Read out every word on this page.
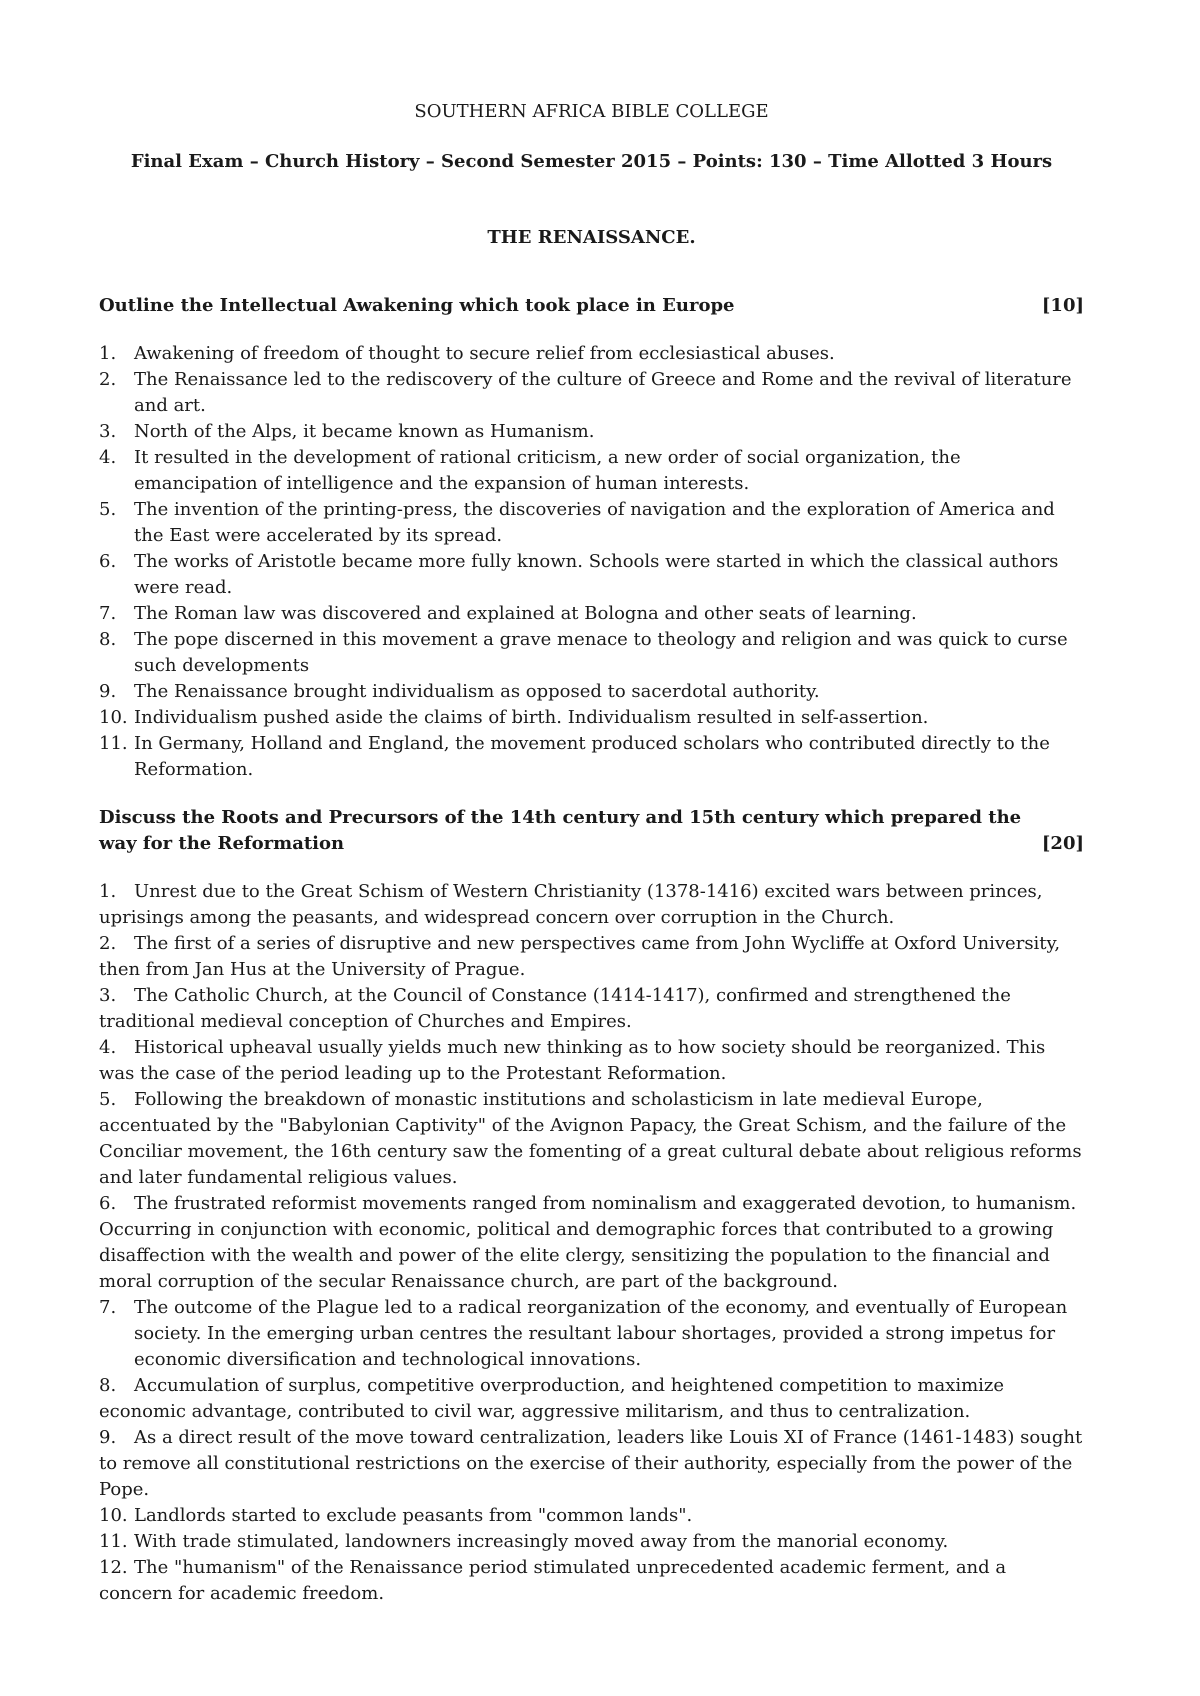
SOUTHERN AFRICA BIBLE COLLEGE
Final Exam – Church History – Second Semester 2015 – Points: 130 – Time Allotted 3 Hours
THE RENAISSANCE.
Outline the Intellectual Awakening which took place in Europe	[10]
1. Awakening of freedom of thought to secure relief from ecclesiastical abuses.
2. The Renaissance led to the rediscovery of the culture of Greece and Rome and the revival of literature and art.
3. North of the Alps, it became known as Humanism.
4. It resulted in the development of rational criticism, a new order of social organization, the emancipation of intelligence and the expansion of human interests.
5. The invention of the printing-press, the discoveries of navigation and the exploration of America and the East were accelerated by its spread.
6. The works of Aristotle became more fully known. Schools were started in which the classical authors were read.
7. The Roman law was discovered and explained at Bologna and other seats of learning.
8. The pope discerned in this movement a grave menace to theology and religion and was quick to curse such developments
9. The Renaissance brought individualism as opposed to sacerdotal authority.
10. Individualism pushed aside the claims of birth. Individualism resulted in self-assertion.
11. In Germany, Holland and England, the movement produced scholars who contributed directly to the Reformation.
Discuss the Roots and Precursors of the 14th century and 15th century which prepared the way for the Reformation	[20]
1. Unrest due to the Great Schism of Western Christianity (1378-1416) excited wars between princes, uprisings among the peasants, and widespread concern over corruption in the Church.
2. The first of a series of disruptive and new perspectives came from John Wycliffe at Oxford University, then from Jan Hus at the University of Prague.
3. The Catholic Church, at the Council of Constance (1414-1417), confirmed and strengthened the traditional medieval conception of Churches and Empires.
4. Historical upheaval usually yields much new thinking as to how society should be reorganized. This was the case of the period leading up to the Protestant Reformation.
5. Following the breakdown of monastic institutions and scholasticism in late medieval Europe, accentuated by the "Babylonian Captivity" of the Avignon Papacy, the Great Schism, and the failure of the Conciliar movement, the 16th century saw the fomenting of a great cultural debate about religious reforms and later fundamental religious values.
6. The frustrated reformist movements ranged from nominalism and exaggerated devotion, to humanism. Occurring in conjunction with economic, political and demographic forces that contributed to a growing disaffection with the wealth and power of the elite clergy, sensitizing the population to the financial and moral corruption of the secular Renaissance church, are part of the background.
7. The outcome of the Plague led to a radical reorganization of the economy, and eventually of European society. In the emerging urban centres the resultant labour shortages, provided a strong impetus for economic diversification and technological innovations.
8. Accumulation of surplus, competitive overproduction, and heightened competition to maximize economic advantage, contributed to civil war, aggressive militarism, and thus to centralization.
9. As a direct result of the move toward centralization, leaders like Louis XI of France (1461-1483) sought to remove all constitutional restrictions on the exercise of their authority, especially from the power of the Pope.
10. Landlords started to exclude peasants from "common lands".
11. With trade stimulated, landowners increasingly moved away from the manorial economy.
12. The "humanism" of the Renaissance period stimulated unprecedented academic ferment, and a concern for academic freedom.
